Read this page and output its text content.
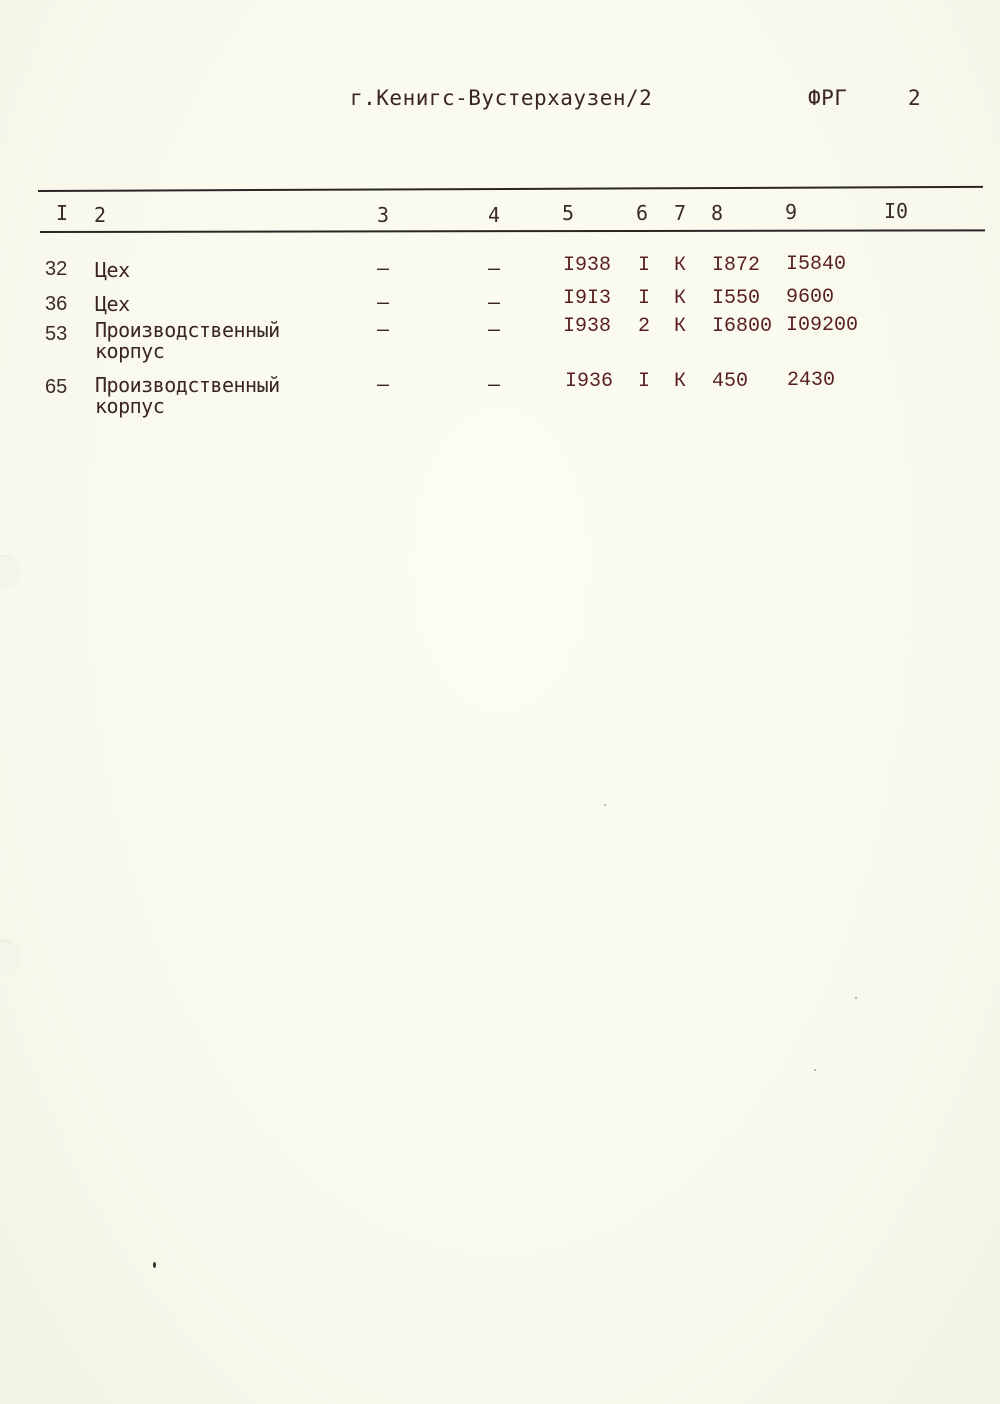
г.Кенигс-Вустерхаузен/2	ФРГ	2
I 2	3	4	5	6 7 8	9	I0
32 Цех	–	–	I938 I К I872 I5840
36 Цех	–	–	I9I3 I К I550 9600
53 Производственный
корпус
–	–	I938 2 К I6800 I09200
65 Производственный
корпус
–	–	I936 I К 450 2430
